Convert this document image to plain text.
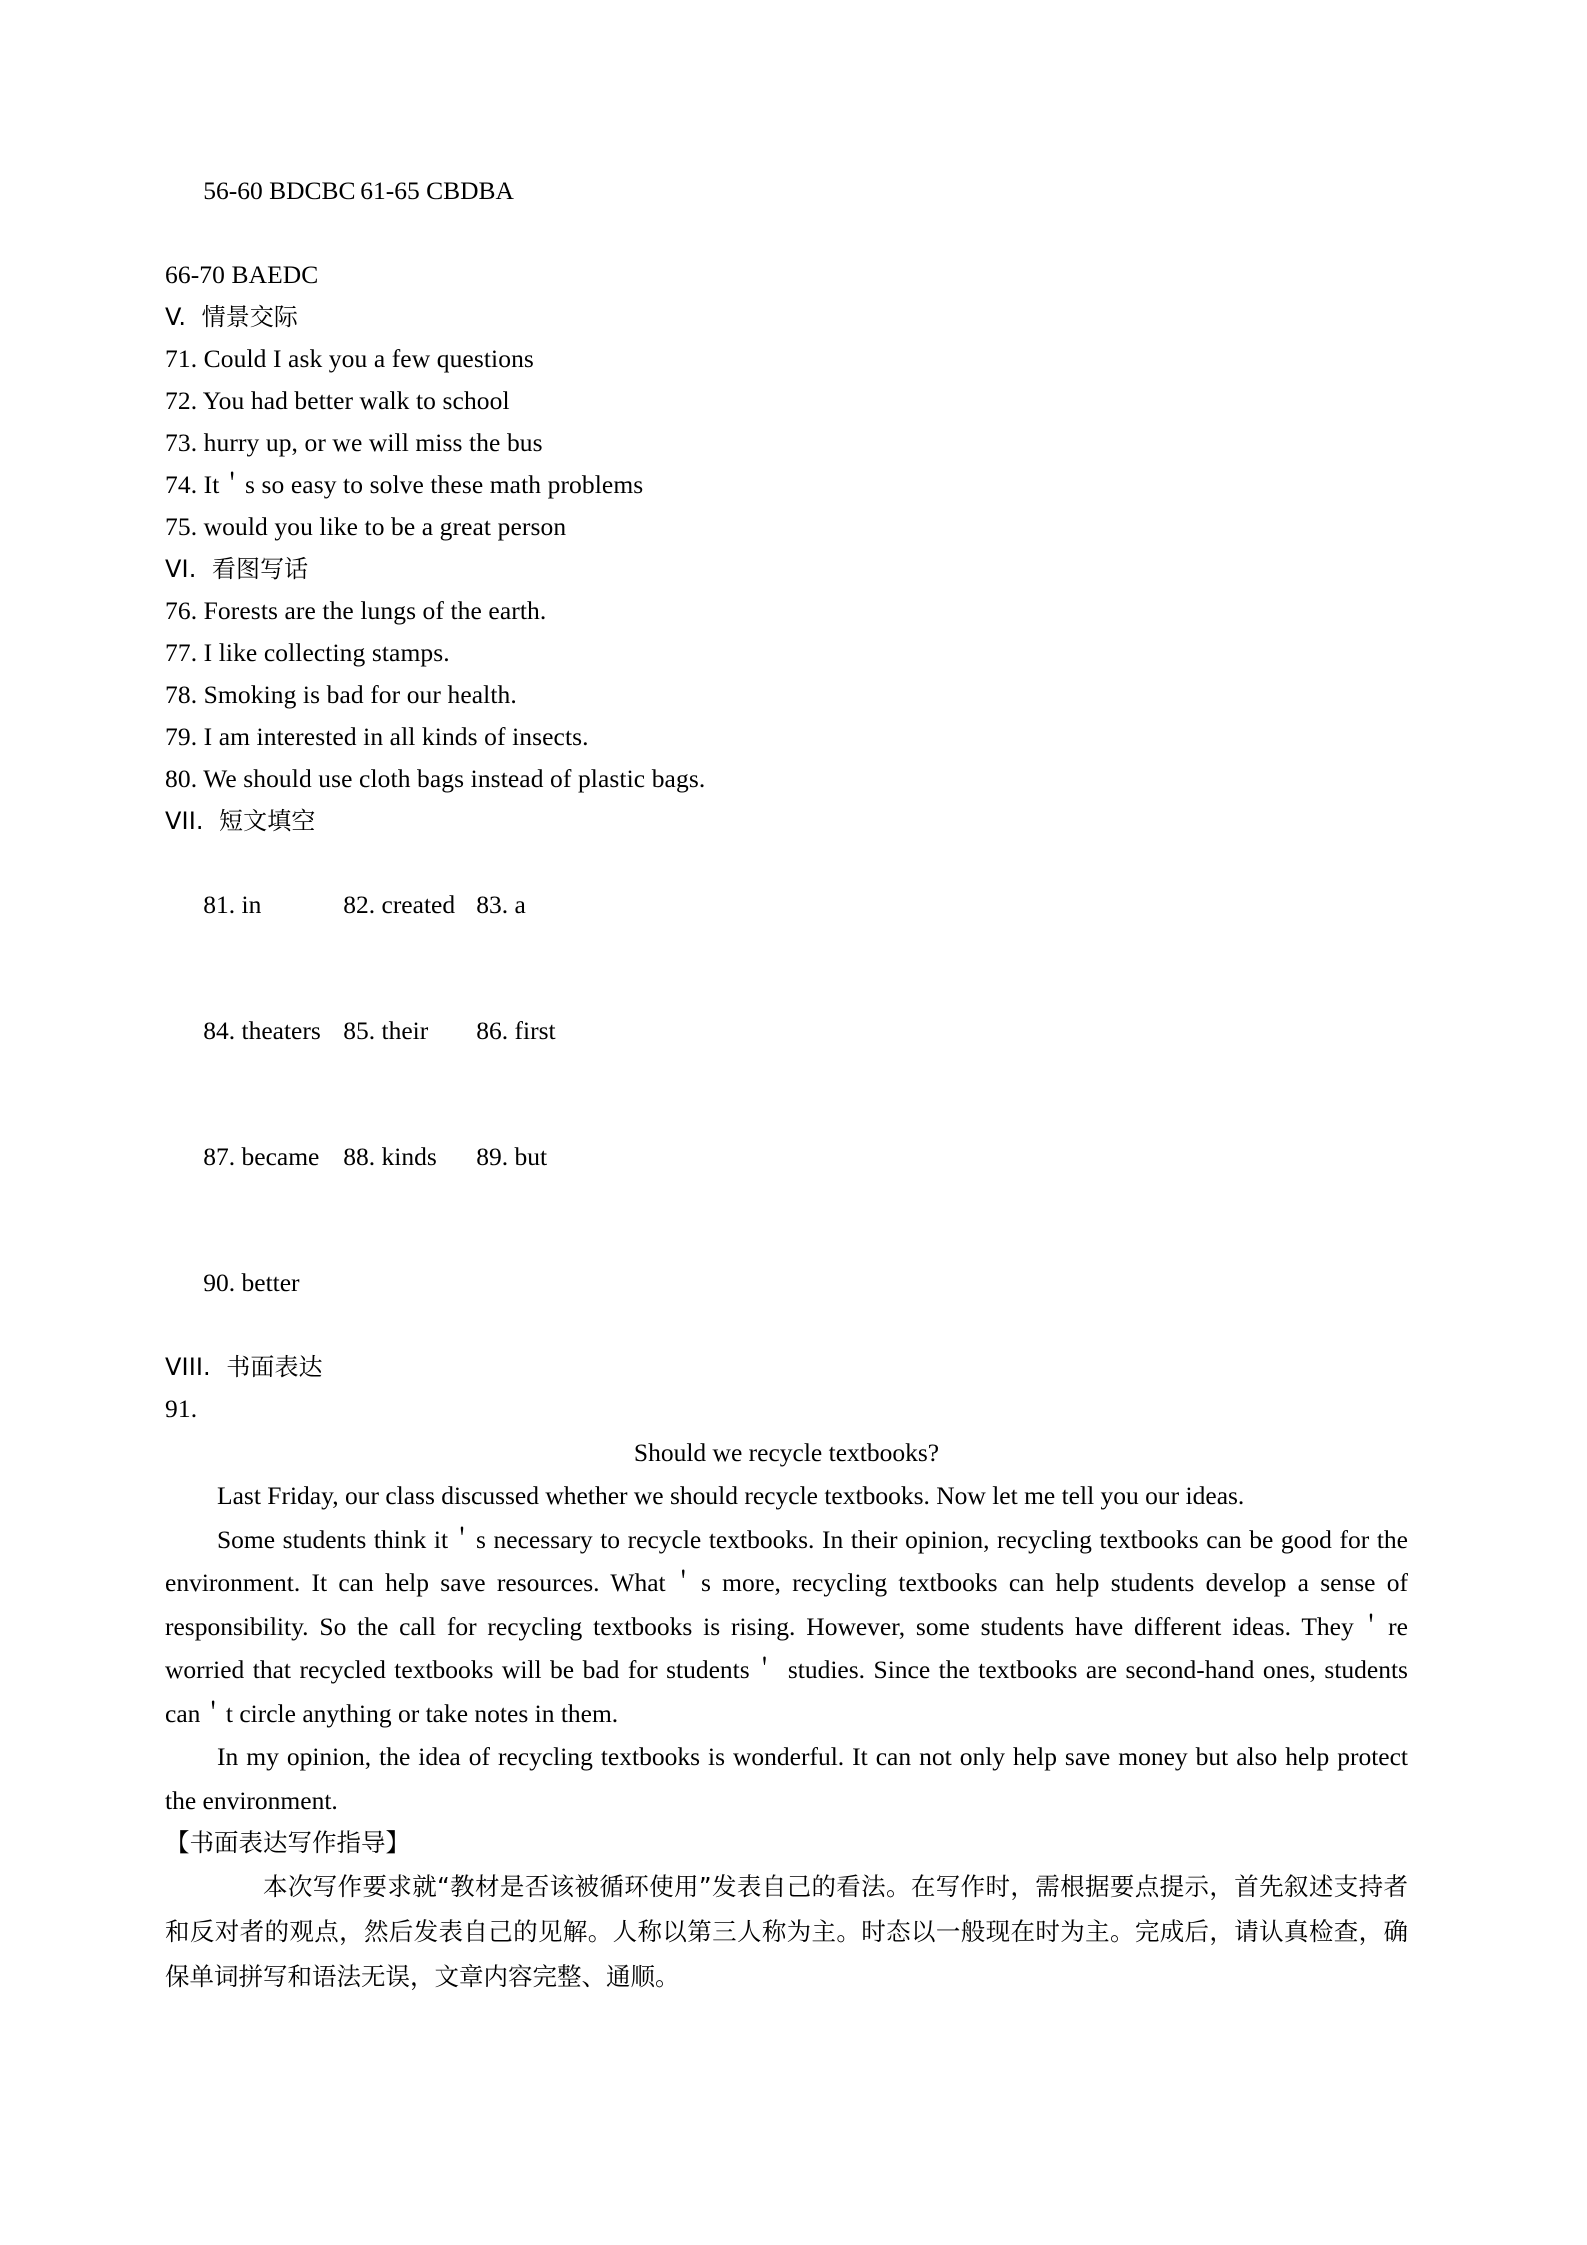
56-60 BDCBC 61-65 CBDBA

66-70 BAEDC
V.  情景交际
71. Could I ask you a few questions
72. You had better walk to school
73. hurry up, or we will miss the bus
74. It＇s so easy to solve these math problems
75. would you like to be a great person
VI.  看图写话
76. Forests are the lungs of the earth.
77. I like collecting stamps.
78. Smoking is bad for our health.
79. I am interested in all kinds of insects.
80. We should use cloth bags instead of plastic bags.
VII.  短文填空

81. in	82. created 83. a

84. theaters 85. their 86. first

87. became 88. kinds 89. but

90. better

VIII.  书面表达
91.
Should we recycle textbooks?

Last Friday, our class discussed whether we should recycle textbooks. Now let me tell you our ideas.

Some students think it＇s necessary to recycle textbooks. In their opinion, recycling textbooks can be good for the environment. It can help save resources. What＇s more, recycling textbooks can help students develop a sense of responsibility. So the call for recycling textbooks is rising. However, some students have different ideas. They＇re worried that recycled textbooks will be bad for students＇ studies. Since the textbooks are second-hand ones, students can＇t circle anything or take notes in them.

In my opinion, the idea of recycling textbooks is wonderful. It can not only help save money but also help protect the environment.

【书面表达写作指导】

本次写作要求就“教材是否该被循环使用”发表自己的看法。在写作时，需根据要点提示，首先叙述支持者和反对者的观点，然后发表自己的见解。人称以第三人称为主。时态以一般现在时为主。完成后，请认真检查，确保单词拼写和语法无误，文章内容完整、通顺。
